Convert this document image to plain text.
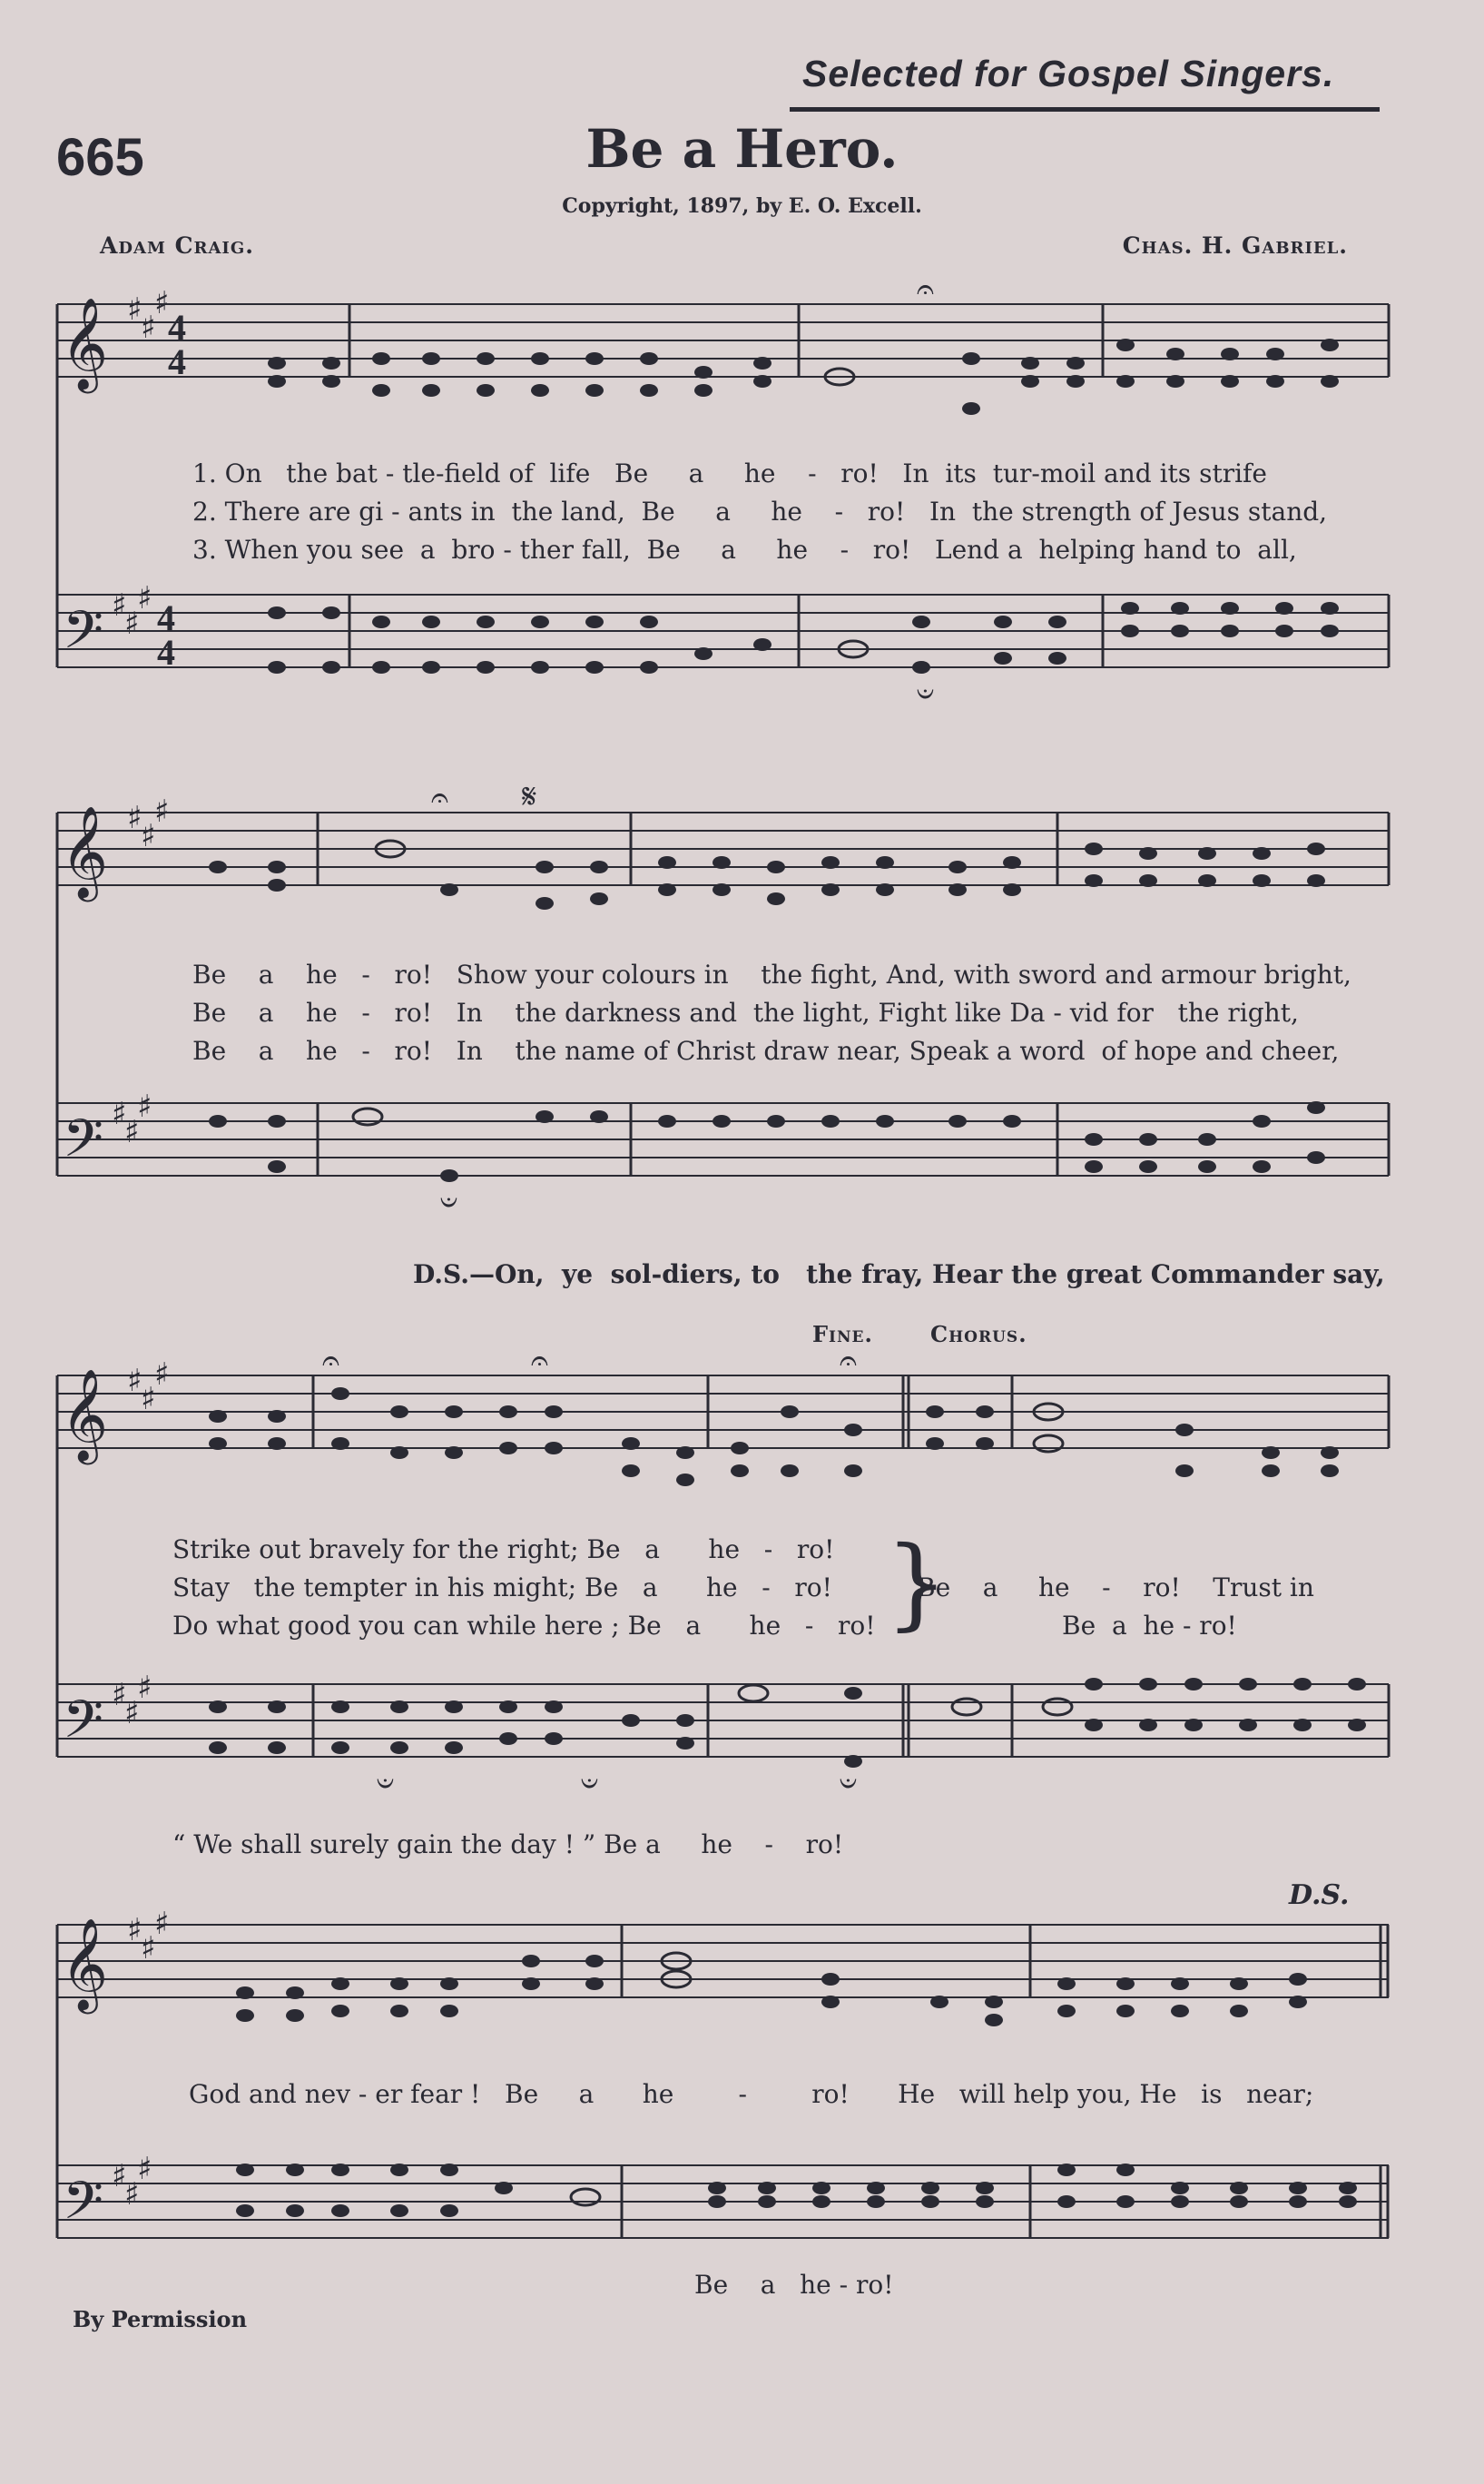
Selected for Gospel Singers.
665	Be a Hero.
Copyright, 1897, by E. O. Excell.
Adam Craig.	Chas. H. Gabriel.
𝄞
𝄢
♯
♯
♯
♯
♯
♯
4
4
4
4
𝄐
𝄑
1. On   the bat - tle-field of  life   Be     a     he    -   ro!   In  its  tur-moil and its strife
2. There are gi - ants in  the land,  Be     a     he    -   ro!   In  the strength of Jesus stand,
3. When you see  a  bro - ther fall,  Be     a     he    -   ro!   Lend a  helping hand to  all,
𝄞
𝄢
♯
♯
♯
♯
♯
♯
𝄋
𝄐
𝄑
Be    a    he   -   ro!   Show your colours in    the fight, And, with sword and armour bright,
Be    a    he   -   ro!   In    the darkness and  the light, Fight like Da - vid for   the right,
Be    a    he   -   ro!   In    the name of Christ draw near, Speak a word  of hope and cheer,
D.S.—On,  ye  sol-diers, to   the fray, Hear the great Commander say,
Fine.	Chorus.
𝄞
𝄢
♯
♯
♯
♯
♯
♯
𝄐	𝄐	𝄐
𝄑	𝄑	𝄑
Strike out bravely for the right; Be   a      he   -   ro!
Stay   the tempter in his might; Be   a      he   -   ro!
Do what good you can while here ; Be   a      he   -   ro! }
Be    a     he    -    ro!    Trust in
Be  a  he - ro!
“ We shall surely gain the day ! ” Be a     he    -    ro!
D.S.
𝄞
𝄢
♯
♯
♯
♯
♯
♯
God and nev - er fear !   Be     a      he        -        ro!      He   will help you, He   is   near;
Be    a   he - ro!
By Permission
